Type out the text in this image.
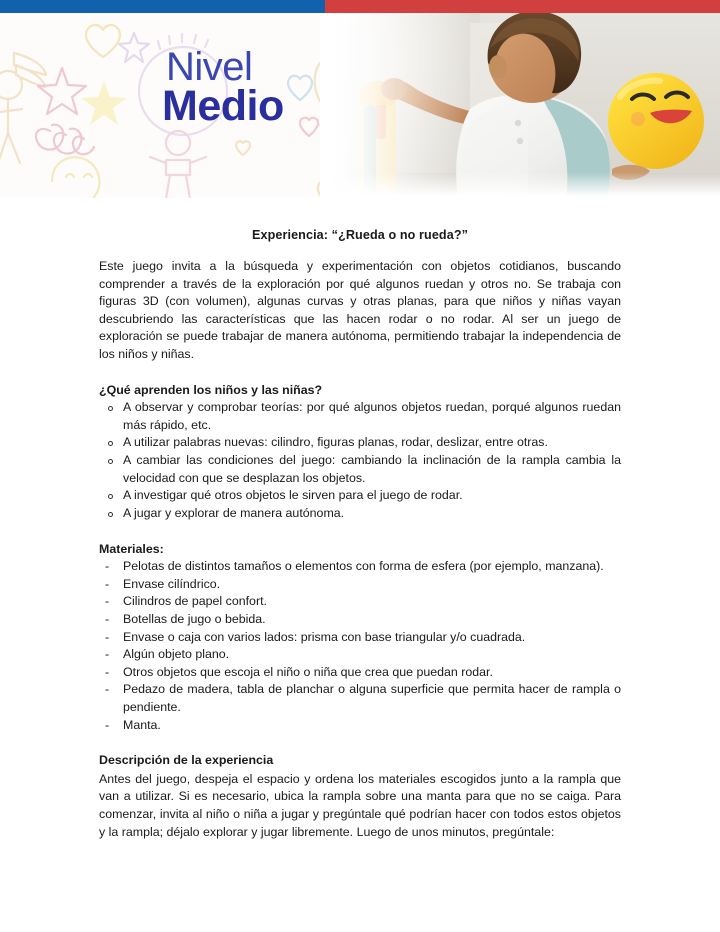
Nivel
Medio
Experiencia: “¿Rueda o no rueda?”

Este juego invita a la búsqueda y experimentación con objetos cotidianos, buscando comprender a través de la exploración por qué algunos ruedan y otros no. Se trabaja con figuras 3D (con volumen), algunas curvas y otras planas, para que niños y niñas vayan descubriendo las características que las hacen rodar o no rodar. Al ser un juego de exploración se puede trabajar de manera autónoma, permitiendo trabajar la independencia de los niños y niñas.

¿Qué aprenden los niños y las niñas?
A observar y comprobar teorías: por qué algunos objetos ruedan, porqué algunos ruedan más rápido, etc.
A utilizar palabras nuevas: cilindro, figuras planas, rodar, deslizar, entre otras.
A cambiar las condiciones del juego: cambiando la inclinación de la rampla cambia la velocidad con que se desplazan los objetos.
A investigar qué otros objetos le sirven para el juego de rodar.
A jugar y explorar de manera autónoma.
Materiales:
- Pelotas de distintos tamaños o elementos con forma de esfera (por ejemplo, manzana).
- Envase cilíndrico.
- Cilindros de papel confort.
- Botellas de jugo o bebida.
- Envase o caja con varios lados: prisma con base triangular y/o cuadrada.
- Algún objeto plano.
- Otros objetos que escoja el niño o niña que crea que puedan rodar.
- Pedazo de madera, tabla de planchar o alguna superficie que permita hacer de rampla o pendiente.
- Manta.
Descripción de la experiencia

Antes del juego, despeja el espacio y ordena los materiales escogidos junto a la rampla que van a utilizar. Si es necesario, ubica la rampla sobre una manta para que no se caiga. Para comenzar, invita al niño o niña a jugar y pregúntale qué podrían hacer con todos estos objetos y la rampla; déjalo explorar y jugar libremente. Luego de unos minutos, pregúntale:
